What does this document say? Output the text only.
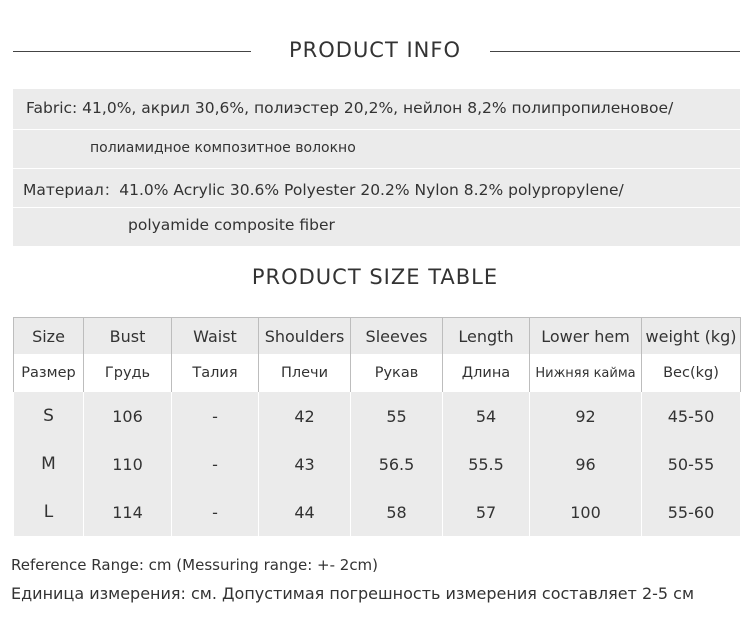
PRODUCT INFO
Fabric: 41,0%, акрил 30,6%, полиэстер 20,2%, нейлон 8,2% полипропиленовое/
полиамидное композитное волокно
Материал：41.0% Acrylic 30.6% Polyester 20.2% Nylon 8.2% polypropylene/
polyamide composite fiber
PRODUCT SIZE TABLE
Size	Bust	Waist	Shoulders	Sleeves	Length	Lower hem	weight (kg)
Размер	Грудь	Талия	Плечи	Рукав	Длина	Нижняя кайма	Вес(kg)
S	106	-	42	55	54	92	45-50
M	110	-	43	56.5	55.5	96	50-55
L	114	-	44	58	57	100	55-60
Reference Range: cm (Messuring range: +- 2cm)
Единица измерения: см. Допустимая погрешность измерения составляет 2-5 см
